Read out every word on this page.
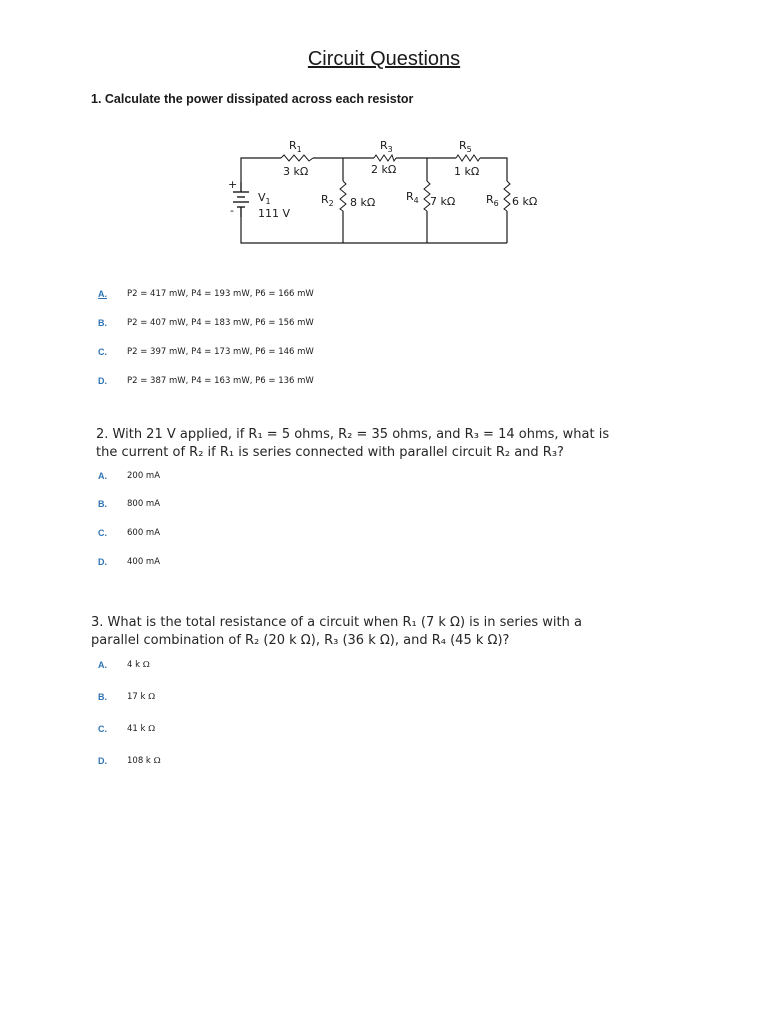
Circuit Questions
1. Calculate the power dissipated across each resistor
+
-
$V_1$
111 V
$R_1$
3 kΩ
$R_3$
2 kΩ
$R_5$
1 kΩ
$R_2$ 8 kΩ	$R_4$ 7 kΩ	$R_6$ 6 kΩ
A.	P2 = 417 mW, P4 = 193 mW, P6 = 166 mW
B.	P2 = 407 mW, P4 = 183 mW, P6 = 156 mW
C.	P2 = 397 mW, P4 = 173 mW, P6 = 146 mW
D.	P2 = 387 mW, P4 = 163 mW, P6 = 136 mW
2. With 21 V applied, if R₁ = 5 ohms, R₂ = 35 ohms, and R₃ = 14 ohms, what is
the current of R₂ if R₁ is series connected with parallel circuit R₂ and R₃?
A.	200 mA
B.	800 mA
C.	600 mA
D.	400 mA
3. What is the total resistance of a circuit when R₁ (7 k Ω) is in series with a
parallel combination of R₂ (20 k Ω), R₃ (36 k Ω), and R₄ (45 k Ω)?
A.	4 k Ω
B.	17 k Ω
C.	41 k Ω
D.	108 k Ω
